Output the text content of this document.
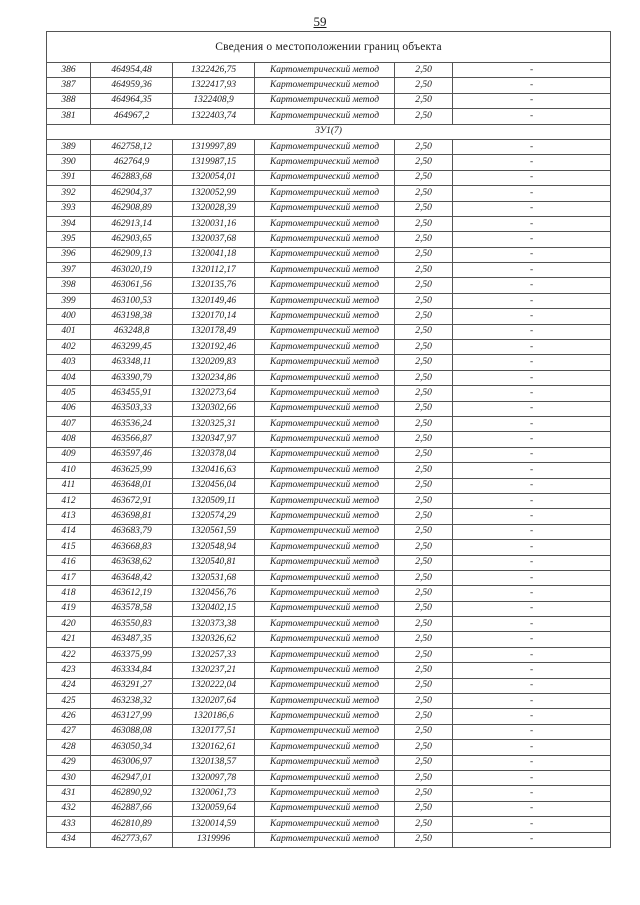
59
Сведения о местоположении границ объекта					
386	464954,48	1322426,75	Картометрический метод	2,50	-
387	464959,36	1322417,93	Картометрический метод	2,50	-
388	464964,35	1322408,9	Картометрический метод	2,50	-
381	464967,2	1322403,74	Картометрический метод	2,50	-
ЗУ1(7)					
389	462758,12	1319997,89	Картометрический метод	2,50	-
390	462764,9	1319987,15	Картометрический метод	2,50	-
391	462883,68	1320054,01	Картометрический метод	2,50	-
392	462904,37	1320052,99	Картометрический метод	2,50	-
393	462908,89	1320028,39	Картометрический метод	2,50	-
394	462913,14	1320031,16	Картометрический метод	2,50	-
395	462903,65	1320037,68	Картометрический метод	2,50	-
396	462909,13	1320041,18	Картометрический метод	2,50	-
397	463020,19	1320112,17	Картометрический метод	2,50	-
398	463061,56	1320135,76	Картометрический метод	2,50	-
399	463100,53	1320149,46	Картометрический метод	2,50	-
400	463198,38	1320170,14	Картометрический метод	2,50	-
401	463248,8	1320178,49	Картометрический метод	2,50	-
402	463299,45	1320192,46	Картометрический метод	2,50	-
403	463348,11	1320209,83	Картометрический метод	2,50	-
404	463390,79	1320234,86	Картометрический метод	2,50	-
405	463455,91	1320273,64	Картометрический метод	2,50	-
406	463503,33	1320302,66	Картометрический метод	2,50	-
407	463536,24	1320325,31	Картометрический метод	2,50	-
408	463566,87	1320347,97	Картометрический метод	2,50	-
409	463597,46	1320378,04	Картометрический метод	2,50	-
410	463625,99	1320416,63	Картометрический метод	2,50	-
411	463648,01	1320456,04	Картометрический метод	2,50	-
412	463672,91	1320509,11	Картометрический метод	2,50	-
413	463698,81	1320574,29	Картометрический метод	2,50	-
414	463683,79	1320561,59	Картометрический метод	2,50	-
415	463668,83	1320548,94	Картометрический метод	2,50	-
416	463638,62	1320540,81	Картометрический метод	2,50	-
417	463648,42	1320531,68	Картометрический метод	2,50	-
418	463612,19	1320456,76	Картометрический метод	2,50	-
419	463578,58	1320402,15	Картометрический метод	2,50	-
420	463550,83	1320373,38	Картометрический метод	2,50	-
421	463487,35	1320326,62	Картометрический метод	2,50	-
422	463375,99	1320257,33	Картометрический метод	2,50	-
423	463334,84	1320237,21	Картометрический метод	2,50	-
424	463291,27	1320222,04	Картометрический метод	2,50	-
425	463238,32	1320207,64	Картометрический метод	2,50	-
426	463127,99	1320186,6	Картометрический метод	2,50	-
427	463088,08	1320177,51	Картометрический метод	2,50	-
428	463050,34	1320162,61	Картометрический метод	2,50	-
429	463006,97	1320138,57	Картометрический метод	2,50	-
430	462947,01	1320097,78	Картометрический метод	2,50	-
431	462890,92	1320061,73	Картометрический метод	2,50	-
432	462887,66	1320059,64	Картометрический метод	2,50	-
433	462810,89	1320014,59	Картометрический метод	2,50	-
434	462773,67	1319996	Картометрический метод	2,50	-
